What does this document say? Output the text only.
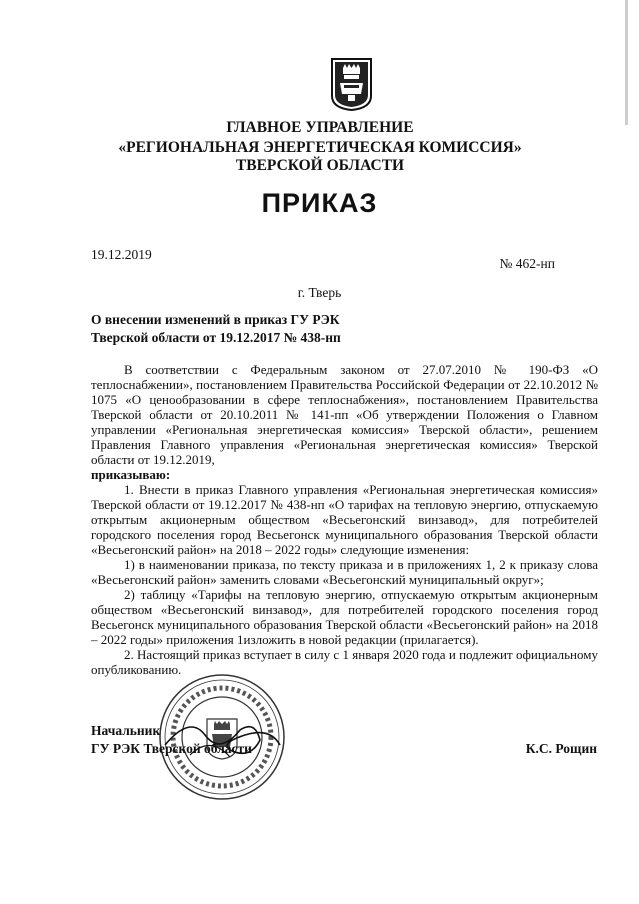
ГЛАВНОЕ УПРАВЛЕНИЕ
«РЕГИОНАЛЬНАЯ ЭНЕРГЕТИЧЕСКАЯ КОМИССИЯ»
ТВЕРСКОЙ ОБЛАСТИ
ПРИКАЗ
19.12.2019
№ 462-нп
г. Тверь
О внесении изменений в приказ ГУ РЭК
Тверской области от 19.12.2017 № 438-нп

В соответствии с Федеральным законом от 27.07.2010 № 190-ФЗ «О теплоснабжении», постановлением Правительства Российской Федерации от 22.10.2012 № 1075 «О ценообразовании в сфере теплоснабжения», постановлением Правительства Тверской области от 20.10.2011 № 141-пп «Об утверждении Положения о Главном управлении «Региональная энергетическая комиссия» Тверской области», решением Правления Главного управления «Региональная энергетическая комиссия» Тверской области от 19.12.2019,

приказываю:

1. Внести в приказ Главного управления «Региональная энергетическая комиссия» Тверской области от 19.12.2017 № 438-нп «О тарифах на тепловую энергию, отпускаемую открытым акционерным обществом «Весьегонский винзавод», для потребителей городского поселения город Весьегонск муниципального образования Тверской области «Весьегонский район» на 2018 – 2022 годы» следующие изменения:

1) в наименовании приказа, по тексту приказа и в приложениях 1, 2 к приказу слова «Весьегонский район» заменить словами «Весьегонский муниципальный округ»;

2) таблицу «Тарифы на тепловую энергию, отпускаемую открытым акционерным обществом «Весьегонский винзавод», для потребителей городского поселения город Весьегонск муниципального образования Тверской области «Весьегонский район» на 2018 – 2022 годы» приложения 1изложить в новой редакции (прилагается).

2. Настоящий приказ вступает в силу с 1 января 2020 года и подлежит официальному опубликованию.

Начальник
ГУ РЭК Тверской области	К.С. Рощин
